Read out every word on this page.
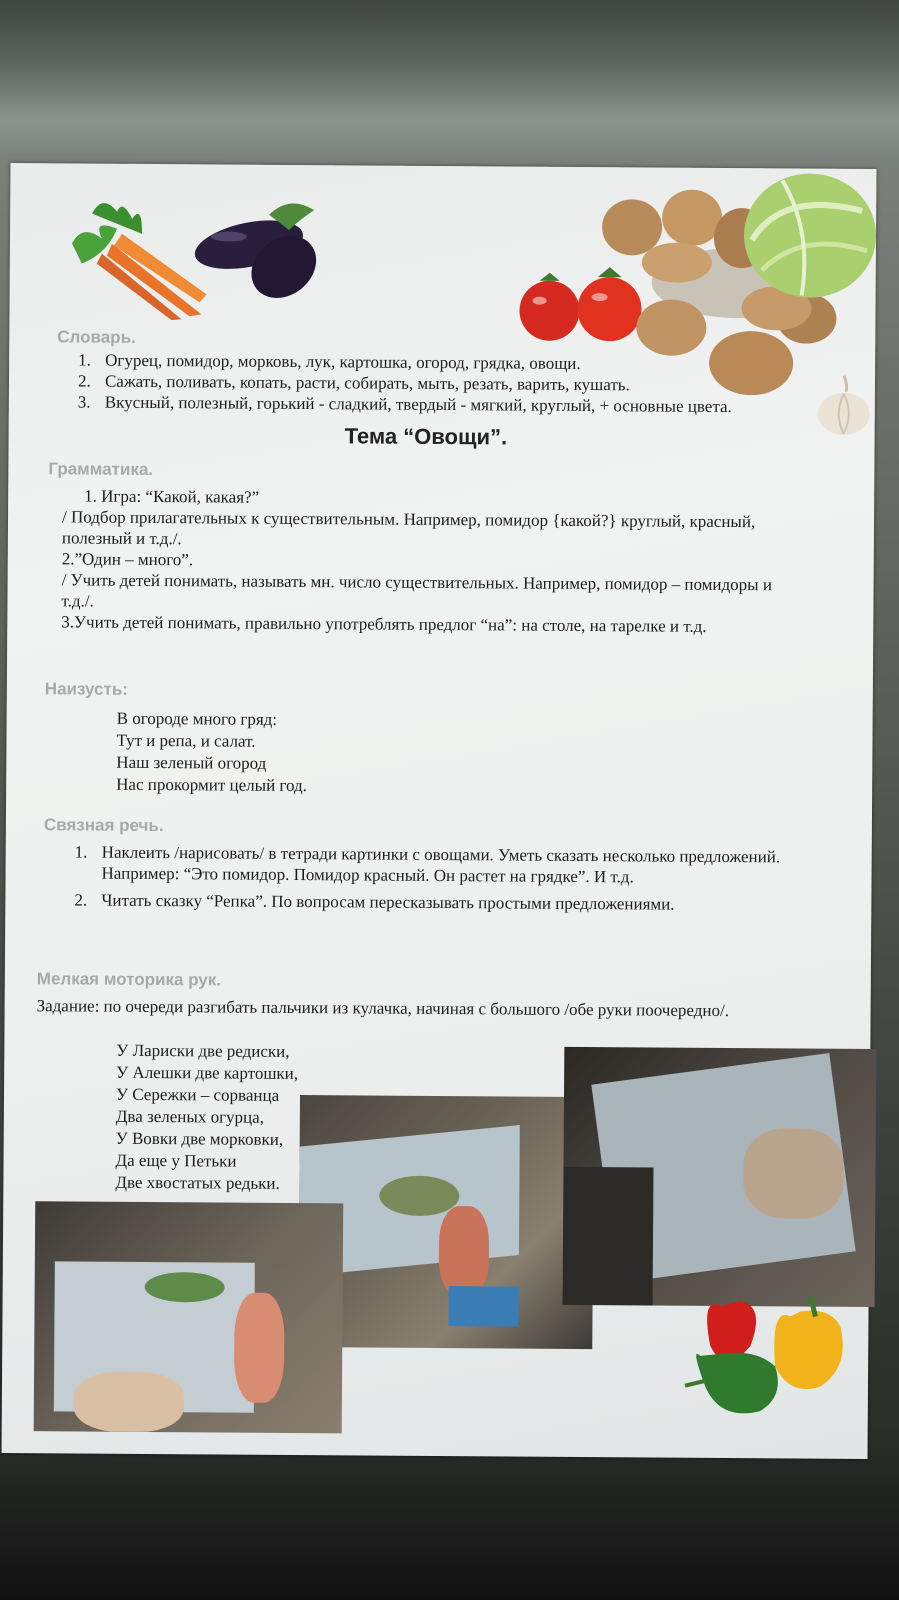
Тема “Овощи”.
Словарь.
1. Огурец, помидор, морковь, лук, картошка, огород, грядка, овощи.
2. Сажать, поливать, копать, расти, собирать, мыть, резать, варить, кушать.
3. Вкусный, полезный, горький - сладкий, твердый - мягкий, круглый, + основные цвета.
Грамматика.
1. Игра: “Какой, какая?”
/ Подбор прилагательных к существительным. Например, помидор {какой?} круглый, красный, полезный и т.д./.
2.”Один – много”.
/ Учить детей понимать, называть мн. число существительных. Например, помидор – помидоры и т.д./.
3.Учить детей понимать, правильно употреблять предлог “на”: на столе, на тарелке и т.д.
Наизусть:
В огороде много гряд:
Тут и репа, и салат.
Наш зеленый огород
Нас прокормит целый год.
Связная речь.
1. Наклеить /нарисовать/ в тетради картинки с овощами. Уметь сказать несколько предложений. Например: “Это помидор. Помидор красный. Он растет на грядке”. И т.д.
2. Читать сказку “Репка”. По вопросам пересказывать простыми предложениями.
Мелкая моторика рук.
Задание: по очереди разгибать пальчики из кулачка, начиная с большого /обе руки поочередно/.
У Лариски две редиски,
У Алешки две картошки,
У Сережки – сорванца
Два зеленых огурца,
У Вовки две морковки,
Да еще у Петьки
Две хвостатых редьки.
